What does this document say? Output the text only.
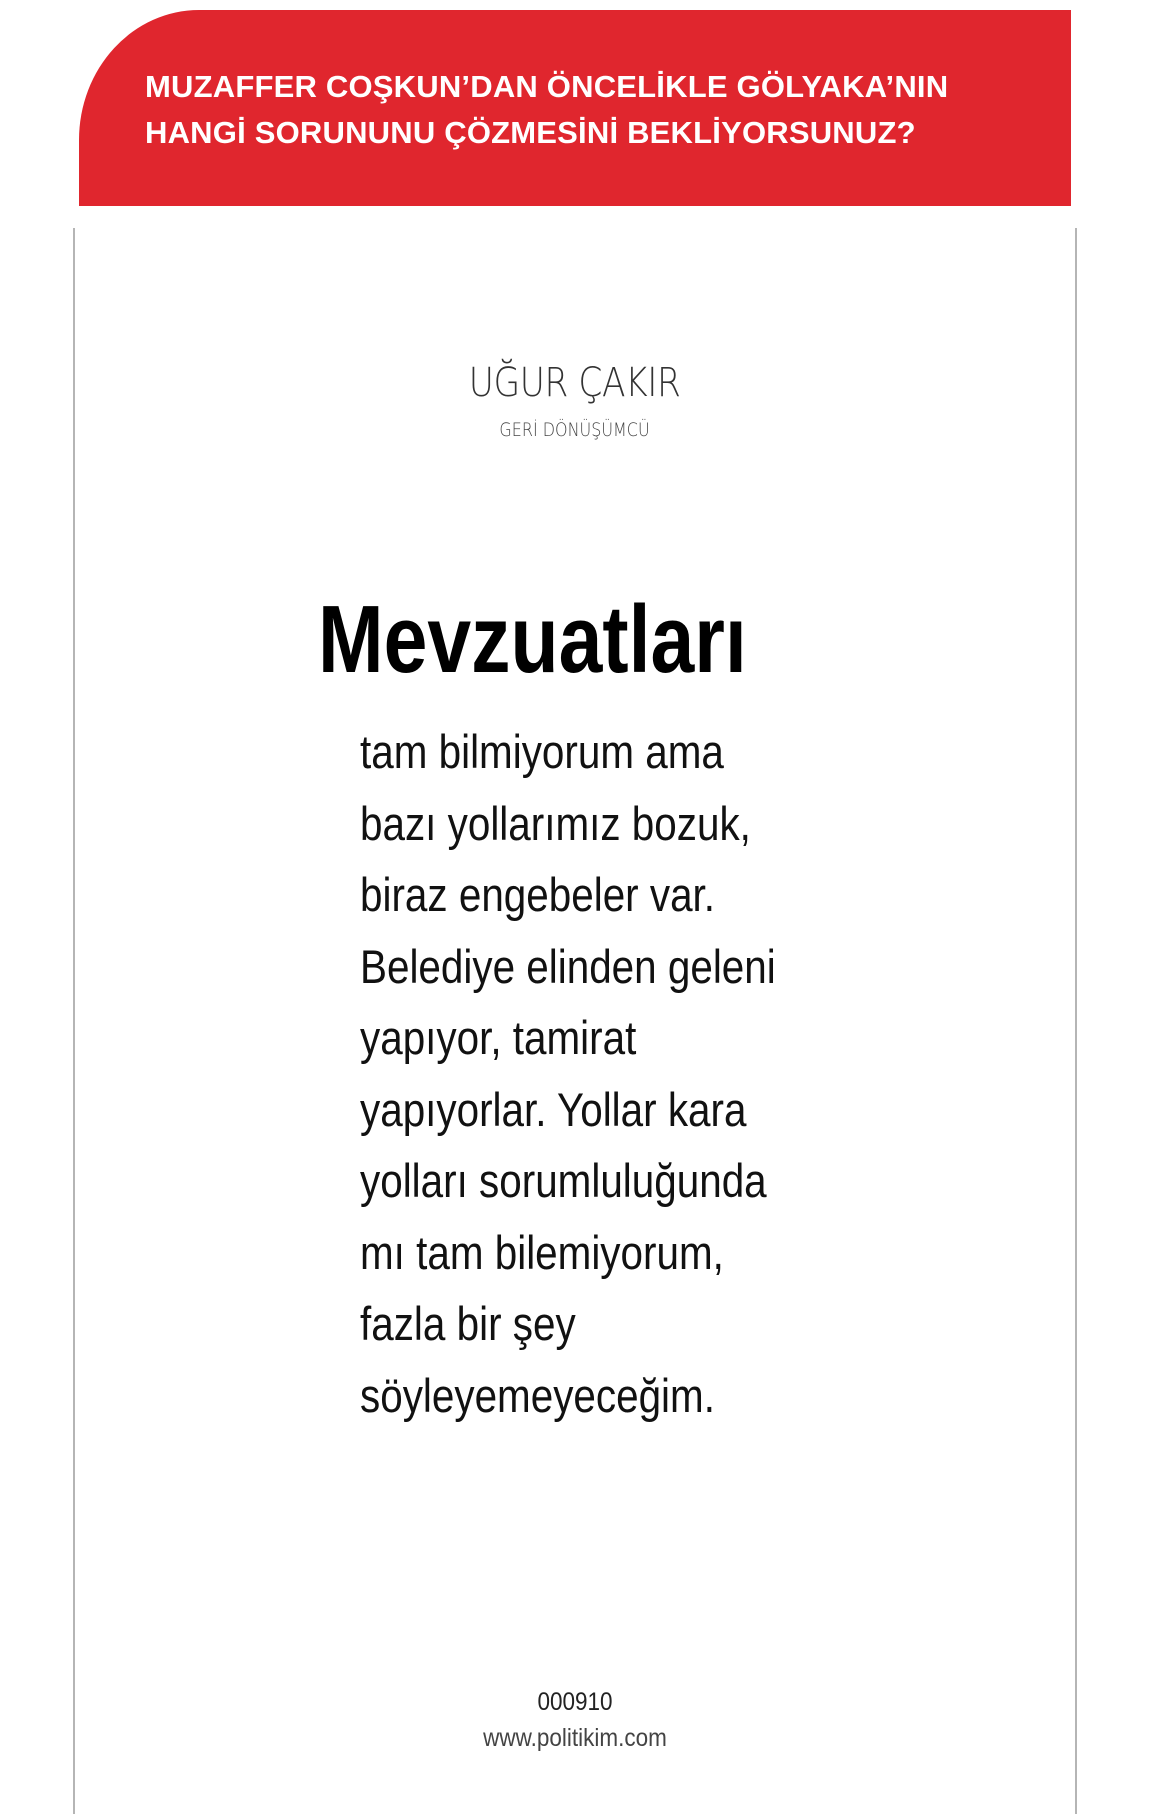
MUZAFFER COŞKUN’DAN ÖNCELİKLE GÖLYAKA’NIN
HANGİ SORUNUNU ÇÖZMESİNİ BEKLİYORSUNUZ?
UĞUR ÇAKIR
GERİ DÖNÜŞÜMCÜ
Mevzuatları
tam bilmiyorum ama
bazı yollarımız bozuk,
biraz engebeler var.
Belediye elinden geleni
yapıyor, tamirat
yapıyorlar. Yollar kara
yolları sorumluluğunda
mı tam bilemiyorum,
fazla bir şey
söyleyemeyeceğim.
000910
www.politikim.com
